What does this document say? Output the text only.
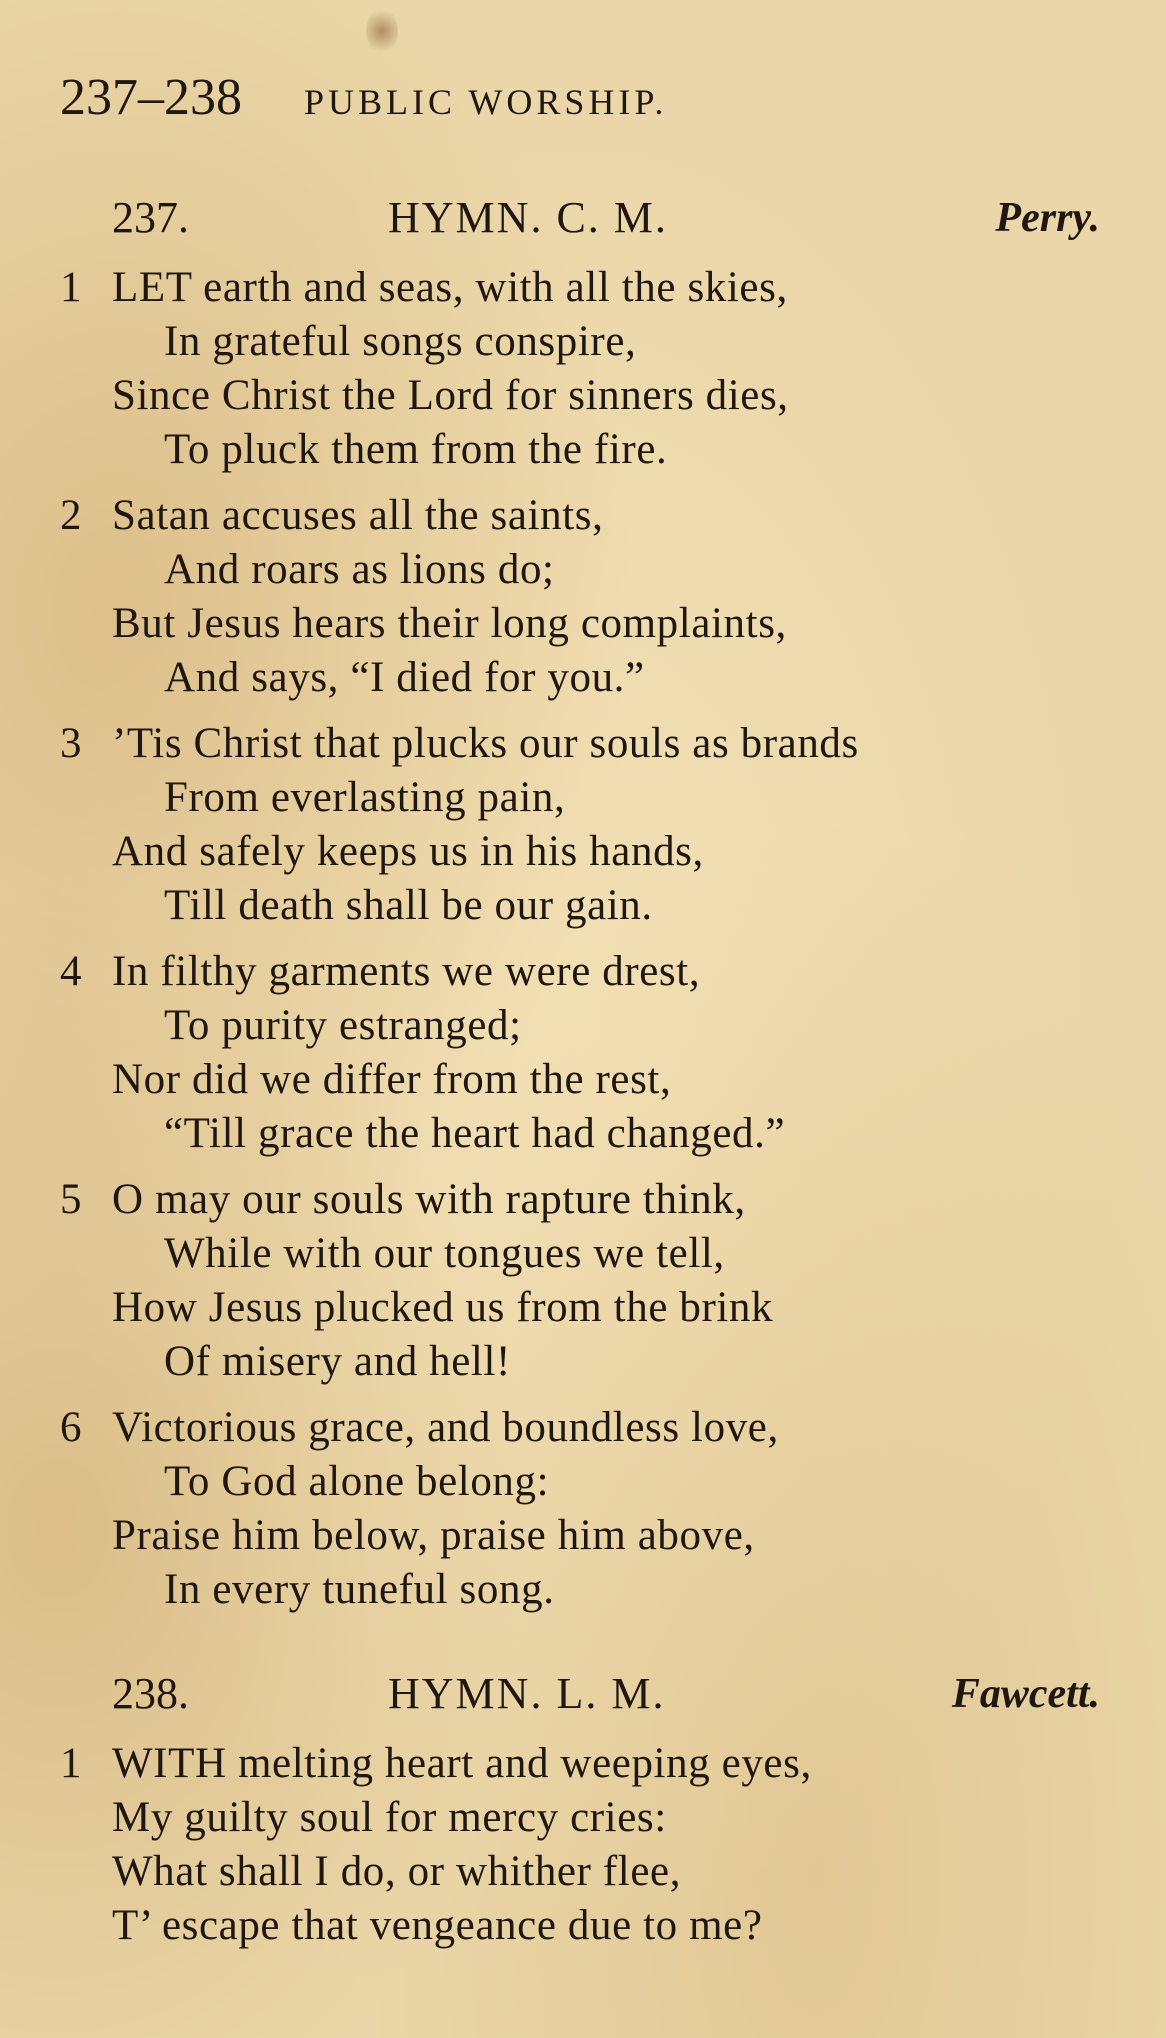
237–238 PUBLIC WORSHIP.
237.	HYMN. C. M.	Perry.
1 LET earth and seas, with all the skies,
In grateful songs conspire,
Since Christ the Lord for sinners dies,
To pluck them from the fire.
2 Satan accuses all the saints,
And roars as lions do;
But Jesus hears their long complaints,
And says, “I died for you.”
3 ’Tis Christ that plucks our souls as brands
From everlasting pain,
And safely keeps us in his hands,
Till death shall be our gain.
4 In filthy garments we were drest,
To purity estranged;
Nor did we differ from the rest,
“Till grace the heart had changed.”
5 O may our souls with rapture think,
While with our tongues we tell,
How Jesus plucked us from the brink
Of misery and hell!
6 Victorious grace, and boundless love,
To God alone belong:
Praise him below, praise him above,
In every tuneful song.
238.	HYMN. L. M.	Fawcett.
1 WITH melting heart and weeping eyes,
My guilty soul for mercy cries:
What shall I do, or whither flee,
T’ escape that vengeance due to me?
